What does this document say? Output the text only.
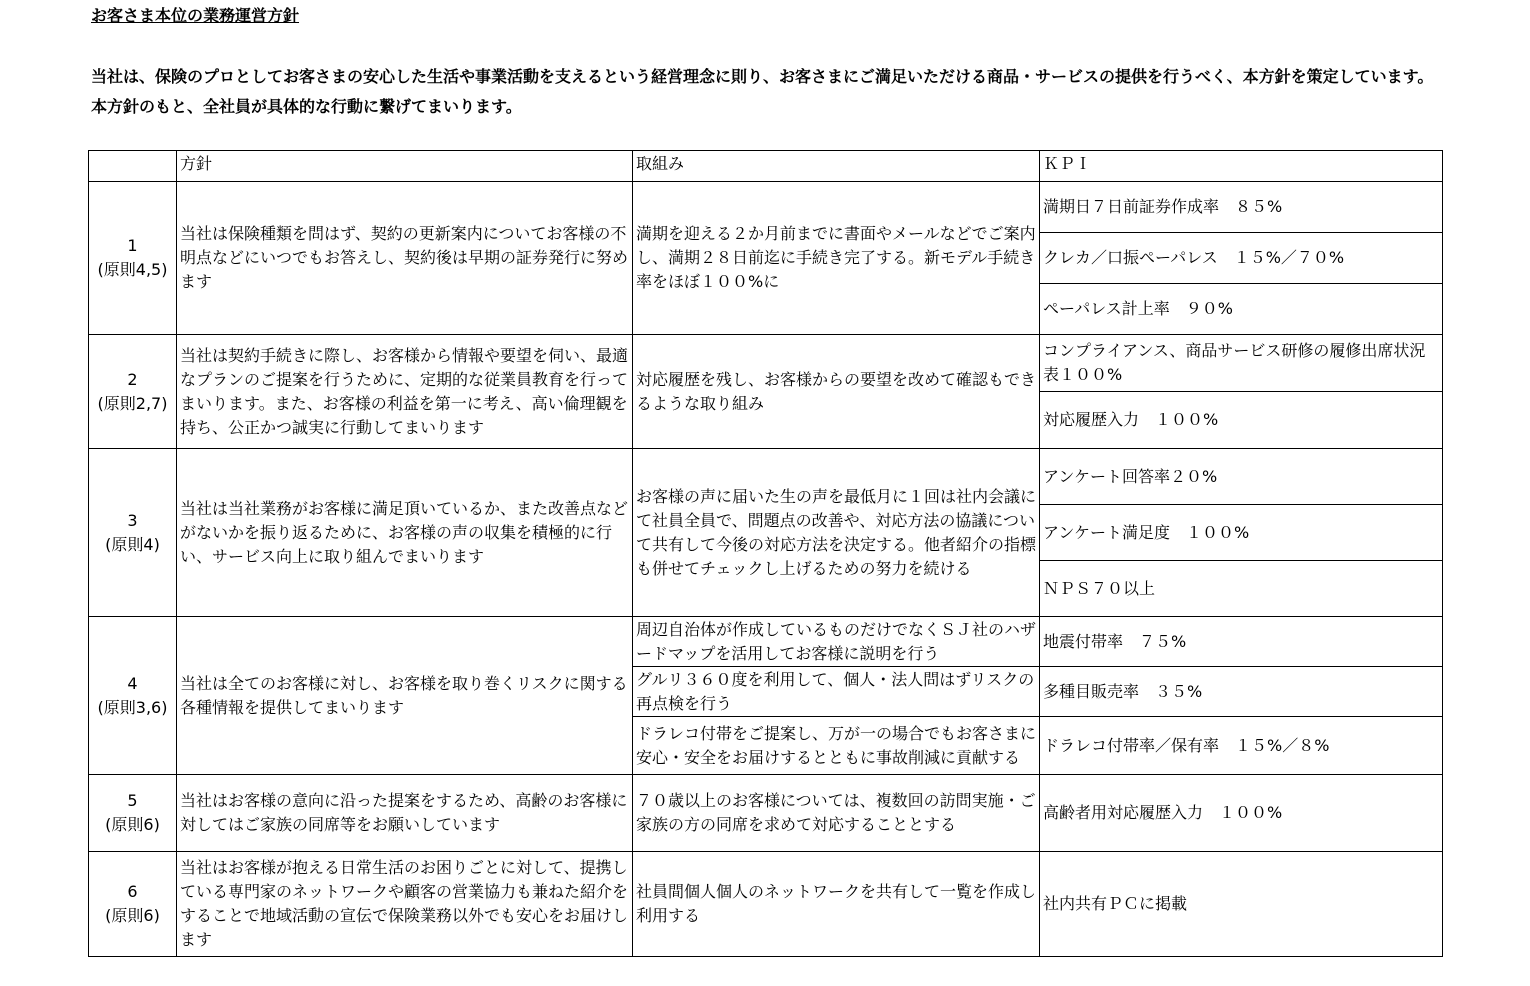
お客さま本位の業務運営方針

当社は、保険のプロとしてお客さまの安心した生活や事業活動を支えるという経営理念に則り、お客さまにご満足いただける商品・サービスの提供を行うべく、本方針を策定しています。

本方針のもと、全社員が具体的な行動に繋げてまいります。

	方針	取組み	ＫＰＩ

1
(原則4,5)	当社は保険種類を問はず、契約の更新案内についてお客様の不明点などにいつでもお答えし、契約後は早期の証券発行に努めます	満期を迎える２か月前までに書面やメールなどでご案内し、満期２８日前迄に手続き完了する。新モデル手続き率をほぼ１００%に	満期日７日前証券作成率　８５%
			クレカ／口振ペーパレス　１５%／７０%
			ペーパレス計上率　９０%

2
(原則2,7)	当社は契約手続きに際し、お客様から情報や要望を伺い、最適なプランのご提案を行うために、定期的な従業員教育を行ってまいります。また、お客様の利益を第一に考え、高い倫理観を持ち、公正かつ誠実に行動してまいります	対応履歴を残し、お客様からの要望を改めて確認もできるような取り組み	コンプライアンス、商品サービス研修の履修出席状況表１００%
			対応履歴入力　１００%

3
(原則4)	当社は当社業務がお客様に満足頂いているか、また改善点などがないかを振り返るために、お客様の声の収集を積極的に行い、サービス向上に取り組んでまいります	お客様の声に届いた生の声を最低月に１回は社内会議にて社員全員で、問題点の改善や、対応方法の協議について共有して今後の対応方法を決定する。他者紹介の指標も併せてチェックし上げるための努力を続ける	アンケート回答率２０%
			アンケート満足度　１００%
			ＮＰＳ７０以上

4
(原則3,6)	当社は全てのお客様に対し、お客様を取り巻くリスクに関する各種情報を提供してまいります	周辺自治体が作成しているものだけでなくＳＪ社のハザードマップを活用してお客様に説明を行う	地震付帯率　７５%
		グルリ３６０度を利用して、個人・法人問はずリスクの再点検を行う	多種目販売率　３５%
		ドラレコ付帯をご提案し、万が一の場合でもお客さまに安心・安全をお届けするとともに事故削減に貢献する	ドラレコ付帯率／保有率　１５%／８%

5
(原則6)	当社はお客様の意向に沿った提案をするため、高齢のお客様に対してはご家族の同席等をお願いしています	７０歳以上のお客様については、複数回の訪問実施・ご家族の方の同席を求めて対応することとする	高齢者用対応履歴入力　１００%

6
(原則6)	当社はお客様が抱える日常生活のお困りごとに対して、提携している専門家のネットワークや顧客の営業協力も兼ねた紹介をすることで地域活動の宣伝で保険業務以外でも安心をお届けします	社員間個人個人のネットワークを共有して一覧を作成し利用する	社内共有ＰＣに掲載
